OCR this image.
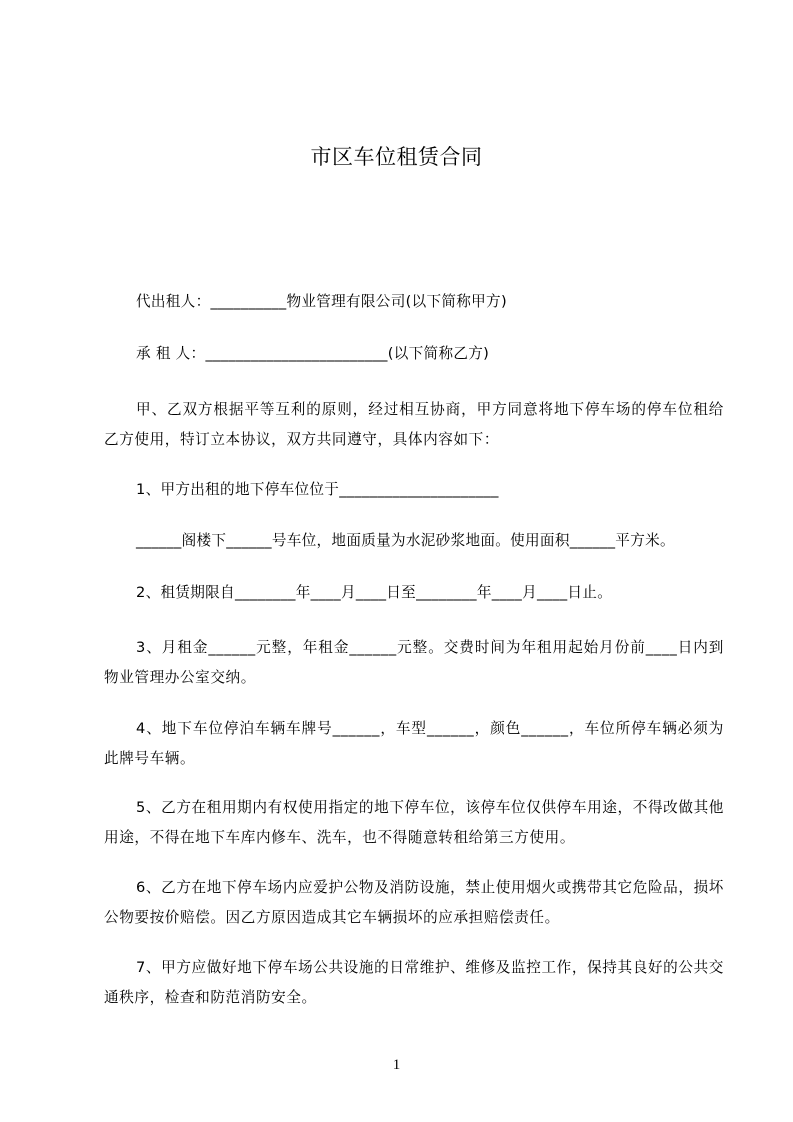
市区车位租赁合同
代出租人：__________物业管理有限公司(以下简称甲方)
承 租 人：________________________(以下简称乙方)
甲、乙双方根据平等互利的原则，经过相互协商，甲方同意将地下停车场的停车位租给乙方使用，特订立本协议，双方共同遵守，具体内容如下：
1、甲方出租的地下停车位位于_____________________
______阁楼下______号车位，地面质量为水泥砂浆地面。使用面积______平方米。
2、租赁期限自________年____月____日至________年____月____日止。
3、月租金______元整，年租金______元整。交费时间为年租用起始月份前____日内到物业管理办公室交纳。
4、地下车位停泊车辆车牌号______，车型______，颜色______，车位所停车辆必须为此牌号车辆。
5、乙方在租用期内有权使用指定的地下停车位，该停车位仅供停车用途，不得改做其他用途，不得在地下车库内修车、洗车，也不得随意转租给第三方使用。
6、乙方在地下停车场内应爱护公物及消防设施，禁止使用烟火或携带其它危险品，损坏公物要按价赔偿。因乙方原因造成其它车辆损坏的应承担赔偿责任。
7、甲方应做好地下停车场公共设施的日常维护、维修及监控工作，保持其良好的公共交通秩序，检查和防范消防安全。
1
